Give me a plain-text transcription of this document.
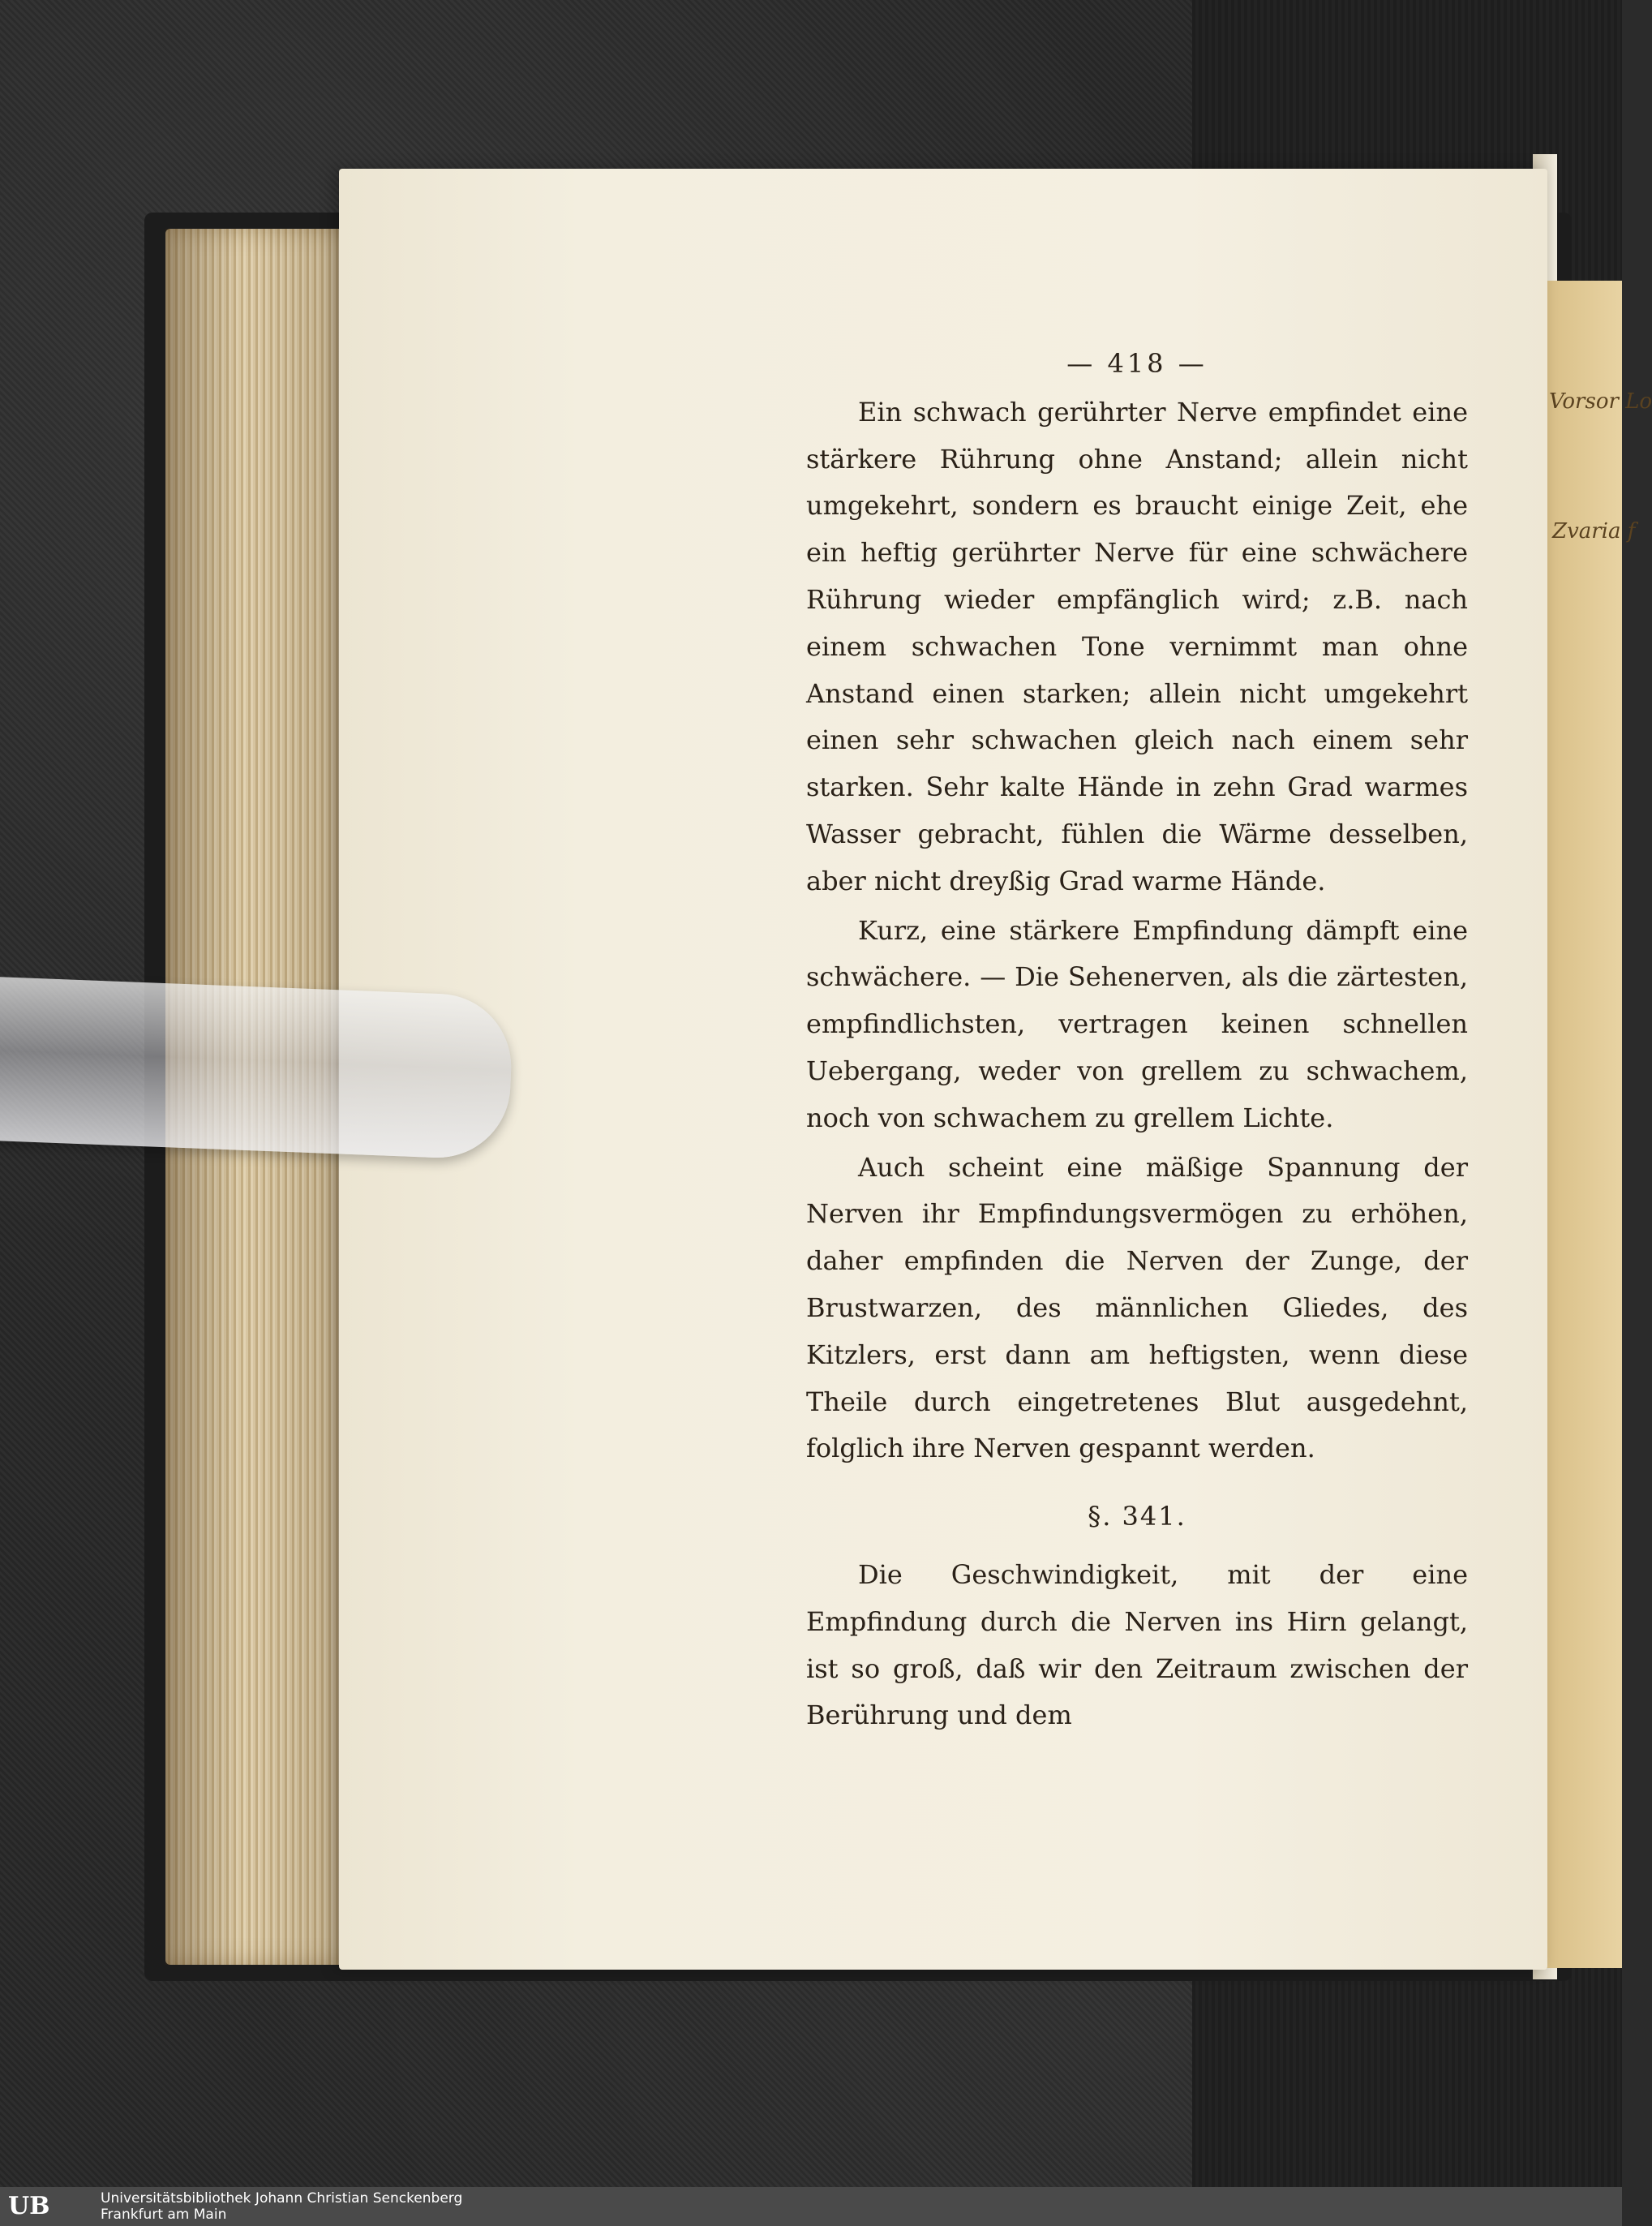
Vorsor Lo
Zvaria f
— 418 —

Ein schwach gerührter Nerve empfindet eine stärkere Rührung ohne Anstand; allein nicht umgekehrt, sondern es braucht einige Zeit, ehe ein heftig gerührter Nerve für eine schwächere Rührung wieder empfänglich wird; z.B. nach einem schwachen Tone vernimmt man ohne Anstand einen starken; allein nicht umgekehrt einen sehr schwachen gleich nach einem sehr starken. Sehr kalte Hände in zehn Grad warmes Wasser gebracht, fühlen die Wärme desselben, aber nicht dreyßig Grad warme Hände.

Kurz, eine stärkere Empfindung dämpft eine schwächere. — Die Sehenerven, als die zärtesten, empfindlichsten, vertragen keinen schnellen Uebergang, weder von grellem zu schwachem, noch von schwachem zu grellem Lichte.

Auch scheint eine mäßige Spannung der Nerven ihr Empfindungsvermögen zu erhöhen, daher empfinden die Nerven der Zunge, der Brustwarzen, des männlichen Gliedes, des Kitzlers, erst dann am heftigsten, wenn diese Theile durch eingetretenes Blut ausgedehnt, folglich ihre Nerven gespannt werden.

§. 341.

Die Geschwindigkeit, mit der eine Empfindung durch die Nerven ins Hirn gelangt, ist so groß, daß wir den Zeitraum zwischen der Berührung und dem

UB	Universitätsbibliothek Johann Christian Senckenberg
Frankfurt am Main
